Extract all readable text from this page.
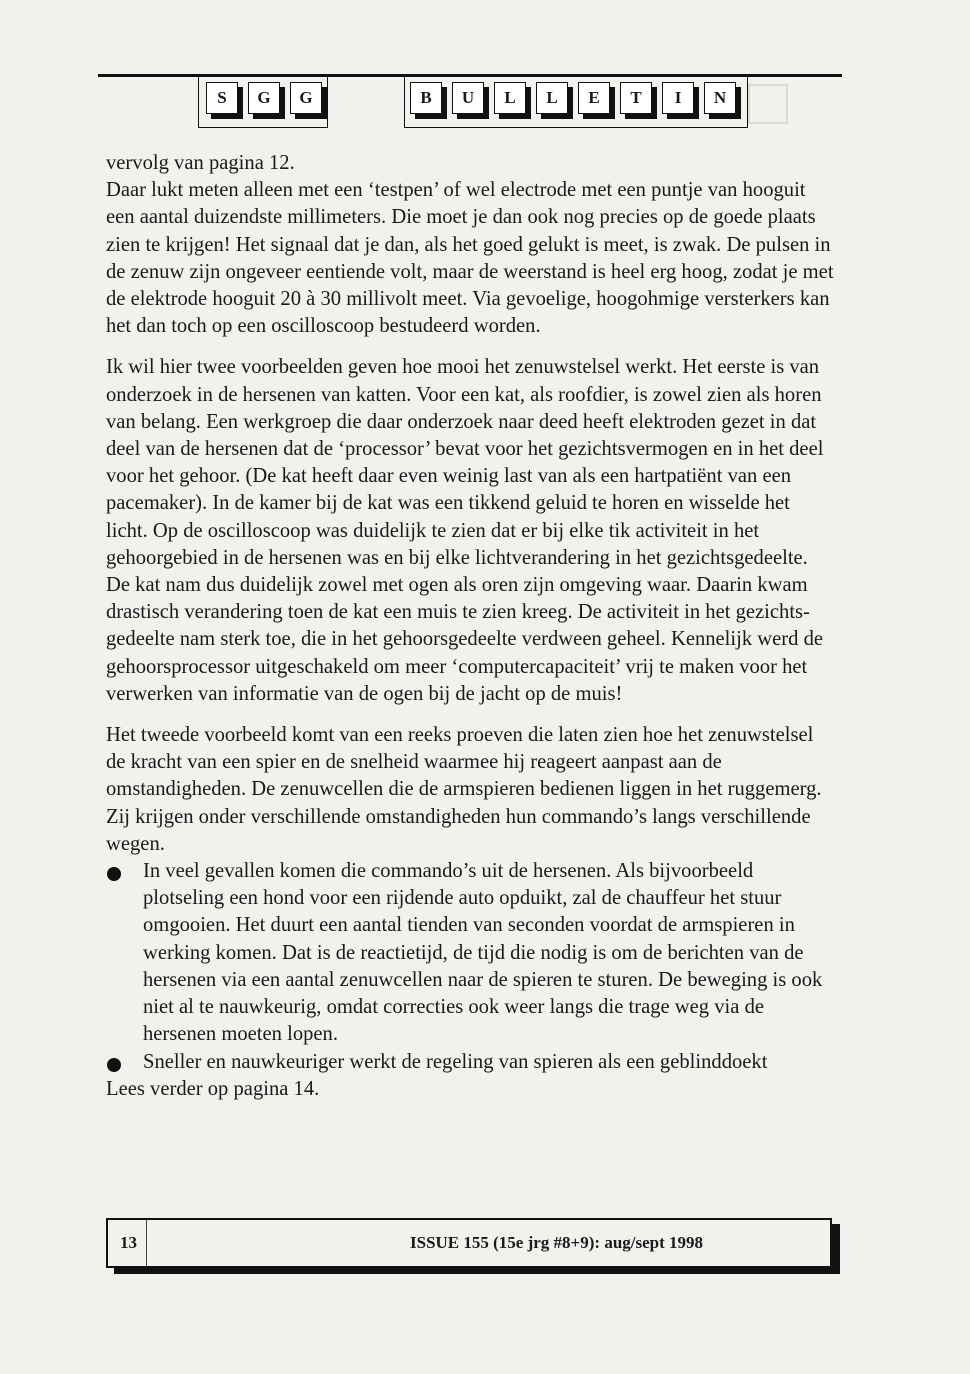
S	G	G	B	U	L	L	E	T	I	N

vervolg van pagina 12.

Daar lukt meten alleen met een ‘testpen’ of wel electrode met een puntje van hooguit een aantal duizendste millimeters. Die moet je dan ook nog precies op de goede plaats zien te krijgen! Het signaal dat je dan, als het goed gelukt is meet, is zwak. De pulsen in de zenuw zijn ongeveer eentiende volt, maar de weerstand is heel erg hoog, zodat je met de elektrode hooguit 20 à 30 millivolt meet. Via gevoelige, hoogohmige versterkers kan het dan toch op een oscilloscoop bestudeerd worden.

Ik wil hier twee voorbeelden geven hoe mooi het zenuwstelsel werkt. Het eerste is van onderzoek in de hersenen van katten. Voor een kat, als roofdier, is zowel zien als horen van belang. Een werkgroep die daar onderzoek naar deed heeft elektroden gezet in dat deel van de hersenen dat de ‘processor’ bevat voor het gezichtsvermogen en in het deel voor het gehoor. (De kat heeft daar even weinig last van als een hartpatiënt van een pacemaker). In de kamer bij de kat was een tikkend geluid te horen en wisselde het licht. Op de oscilloscoop was duidelijk te zien dat er bij elke tik activiteit in het gehoorgebied in de hersenen was en bij elke lichtverandering in het gezichtsgedeelte. De kat nam dus duidelijk zowel met ogen als oren zijn omgeving waar. Daarin kwam drastisch verandering toen de kat een muis te zien kreeg. De activiteit in het gezichts-gedeelte nam sterk toe, die in het gehoorsgedeelte verdween geheel. Kennelijk werd de gehoorsprocessor uitgeschakeld om meer ‘computercapaciteit’ vrij te maken voor het verwerken van informatie van de ogen bij de jacht op de muis!

Het tweede voorbeeld komt van een reeks proeven die laten zien hoe het zenuwstelsel de kracht van een spier en de snelheid waarmee hij reageert aanpast aan de omstandigheden. De zenuwcellen die de armspieren bedienen liggen in het ruggemerg. Zij krijgen onder verschillende omstandigheden hun commando’s langs verschillende wegen.

In veel gevallen komen die commando’s uit de hersenen. Als bijvoorbeeld plotseling een hond voor een rijdende auto opduikt, zal de chauffeur het stuur omgooien. Het duurt een aantal tienden van seconden voordat de armspieren in werking komen. Dat is de reactietijd, de tijd die nodig is om de berichten van de hersenen via een aantal zenuwcellen naar de spieren te sturen. De beweging is ook niet al te nauwkeurig, omdat correcties ook weer langs die trage weg via de hersenen moeten lopen.
Sneller en nauwkeuriger werkt de regeling van spieren als een geblinddoekt

Lees verder op pagina 14.

13	ISSUE 155 (15e jrg #8+9): aug/sept 1998
